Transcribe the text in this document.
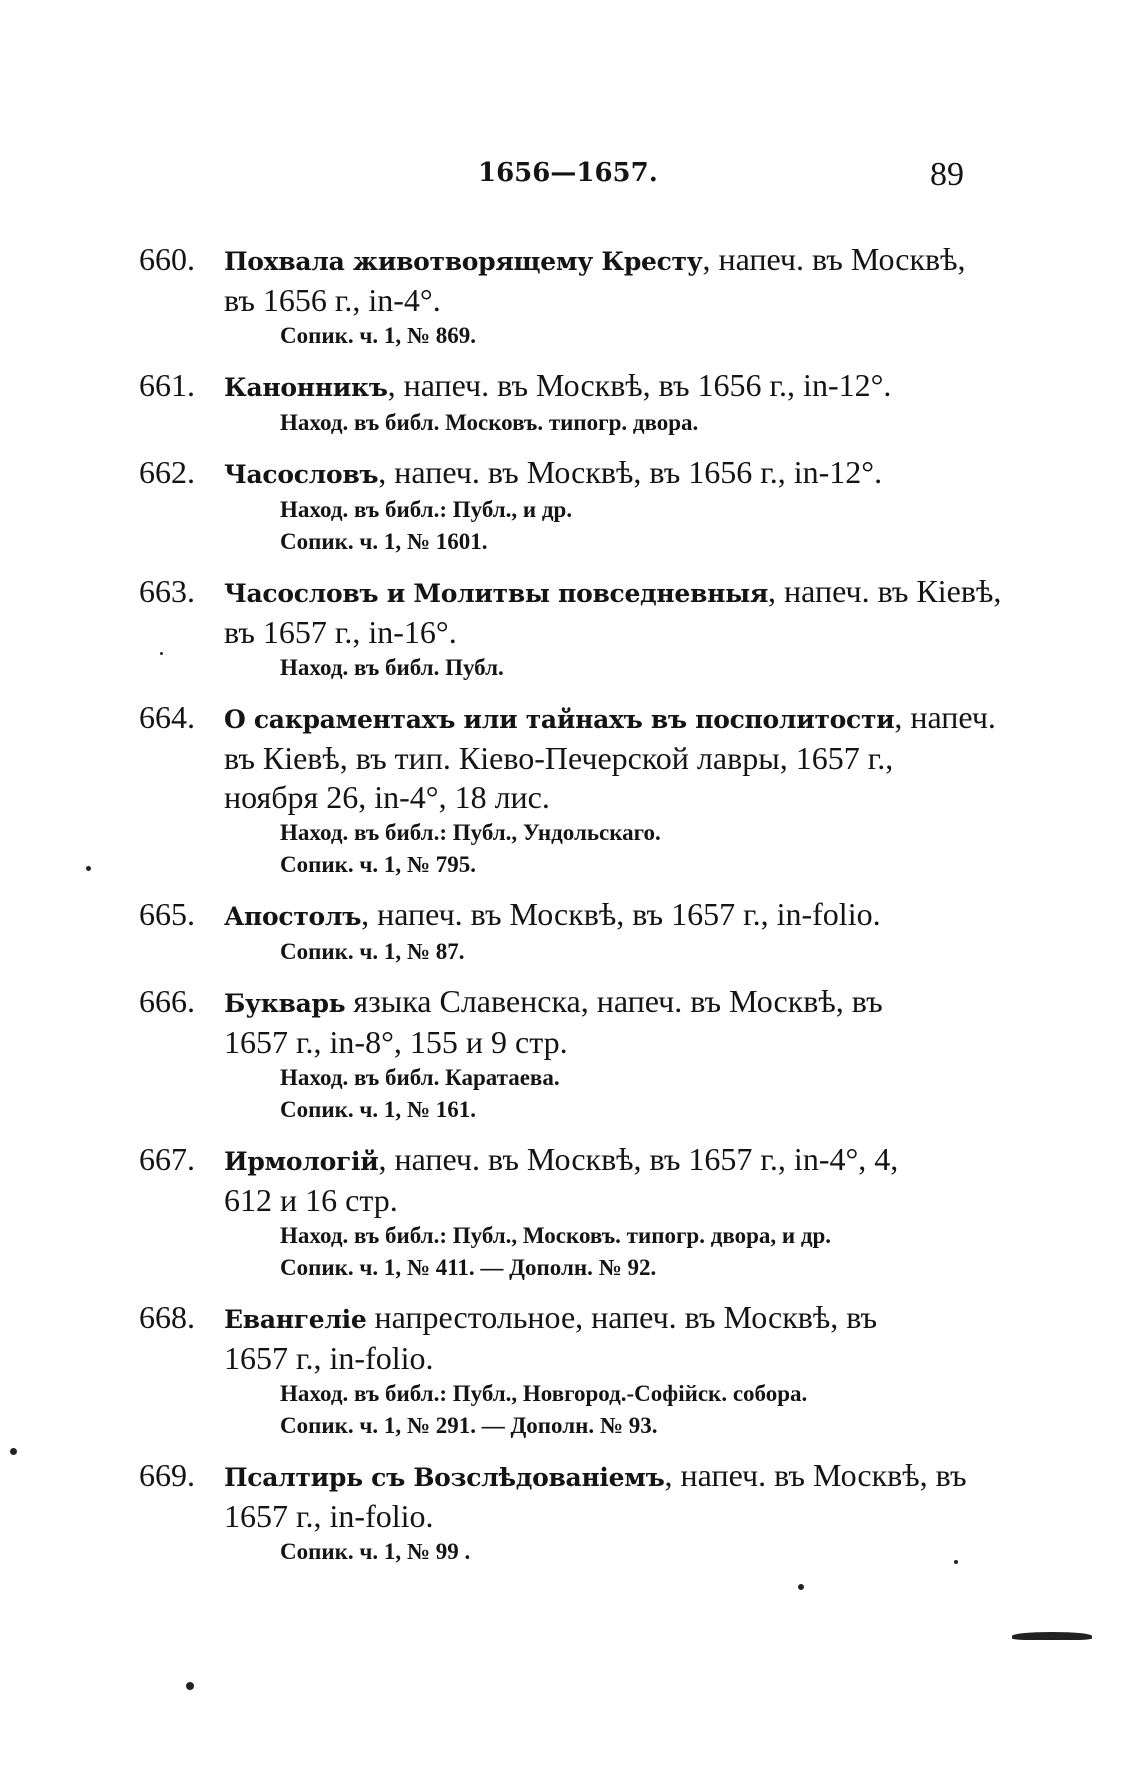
1656—1657.	89
660. Похвала животворящему Кресту, напеч. въ Москвѣ,
въ 1656 г., in-4°.
Сопик. ч. 1, № 869.
661. Канонникъ, напеч. въ Москвѣ, въ 1656 г., in-12°.
Наход. въ библ. Московъ. типогр. двора.
662. Часословъ, напеч. въ Москвѣ, въ 1656 г., in-12°.
Наход. въ библ.: Публ., и др.
Сопик. ч. 1, № 1601.
663. Часословъ и Молитвы повседневныя, напеч. въ Кіевѣ,
въ 1657 г., in-16°.
Наход. въ библ. Публ.
664. О сакраментахъ или тайнахъ въ посполитости, напеч.
въ Кіевѣ, въ тип. Кіево-Печерской лавры, 1657 г.,
ноября 26, in-4°, 18 лис.
Наход. въ библ.: Публ., Ундольскаго.
Сопик. ч. 1, № 795.
665. Апостолъ, напеч. въ Москвѣ, въ 1657 г., in-folio.
Сопик. ч. 1, № 87.
666. Букварь языка Славенска, напеч. въ Москвѣ, въ
1657 г., in-8°, 155 и 9 стр.
Наход. въ библ. Каратаева.
Сопик. ч. 1, № 161.
667. Ирмологій, напеч. въ Москвѣ, въ 1657 г., in-4°, 4,
612 и 16 стр.
Наход. въ библ.: Публ., Московъ. типогр. двора, и др.
Сопик. ч. 1, № 411. — Дополн. № 92.
668. Евангеліе напрестольное, напеч. въ Москвѣ, въ
1657 г., in-folio.
Наход. въ библ.: Публ., Новгород.-Софійск. собора.
Сопик. ч. 1, № 291. — Дополн. № 93.
669. Псалтирь съ Возслѣдованіемъ, напеч. въ Москвѣ, въ
1657 г., in-folio.
Сопик. ч. 1, № 99 .
